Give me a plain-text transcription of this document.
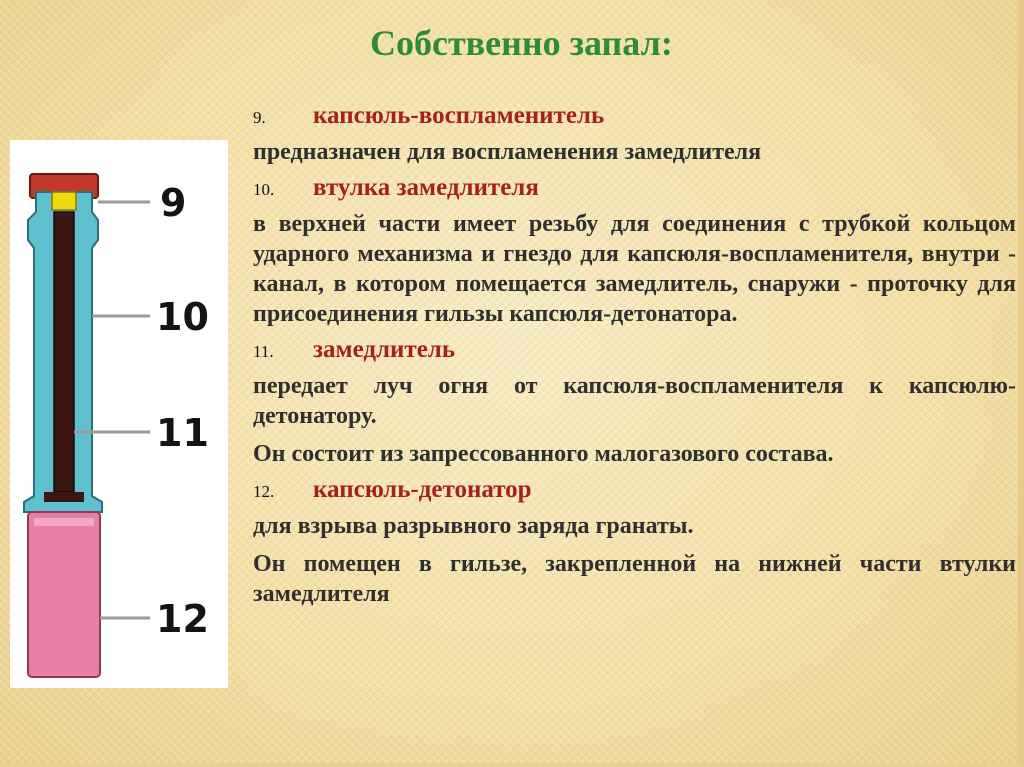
Собственно запал:
9
10
11
12
9.	капсюль-воспламенитель
предназначен для воспламенения замедлителя
10.	втулка замедлителя
в верхней части имеет резьбу для соединения с трубкой кольцом ударного механизма и гнездо для капсюля-воспламенителя, внутри - канал, в котором помещается замедлитель, снаружи - проточку для присоединения гильзы капсюля-детонатора.
11.	замедлитель
передает луч огня от капсюля-воспламенителя к капсюлю-детонатору.
Он состоит из запрессованного малогазового состава.
12.	капсюль-детонатор
для взрыва разрывного заряда гранаты.
Он помещен в гильзе, закрепленной на нижней части втулки замедлителя
